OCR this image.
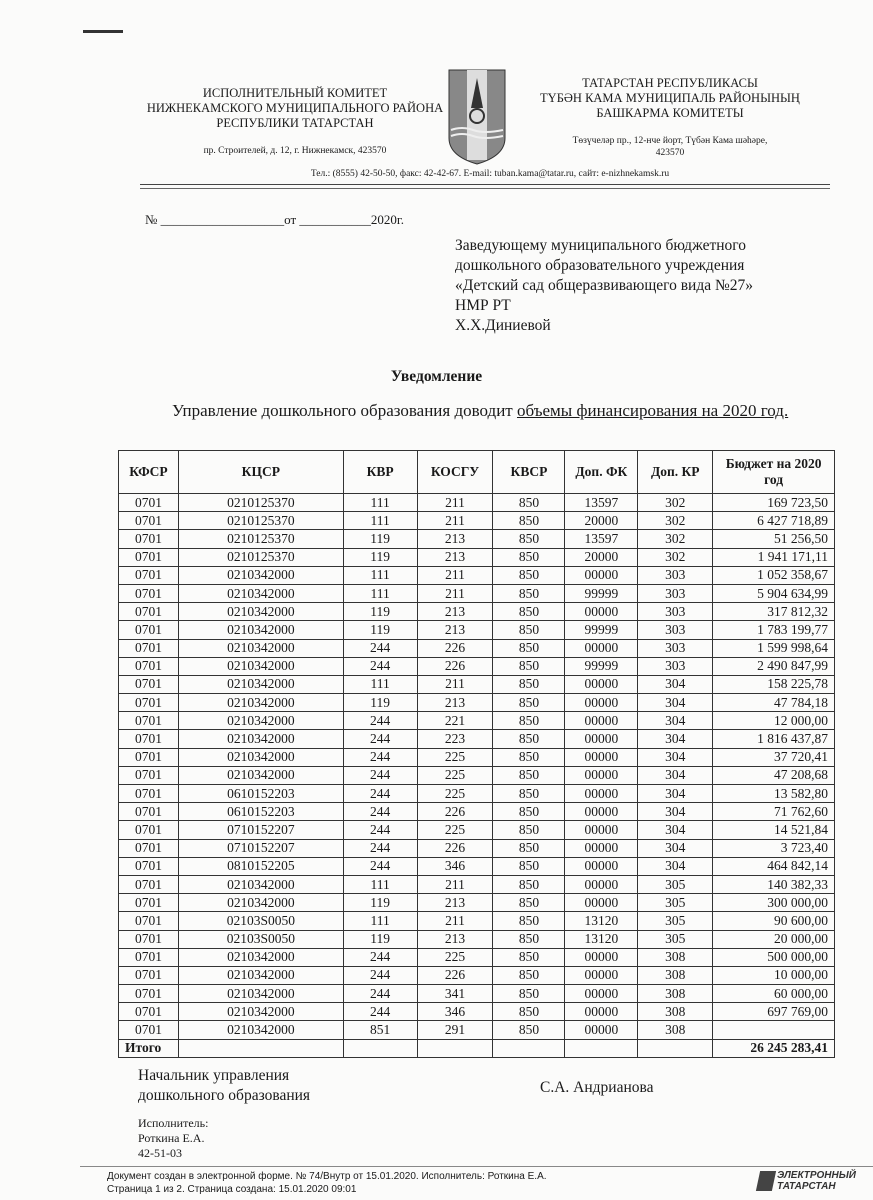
ИСПОЛНИТЕЛЬНЫЙ КОМИТЕТ
НИЖНЕКАМСКОГО МУНИЦИПАЛЬНОГО РАЙОНА
РЕСПУБЛИКИ ТАТАРСТАН
пр. Строителей, д. 12, г. Нижнекамск, 423570
ТАТАРСТАН РЕСПУБЛИКАСЫ
ТҮБӘН КАМА МУНИЦИПАЛЬ РАЙОНЫНЫҢ
БАШКАРМА КОМИТЕТЫ
Төзүчеләр пр., 12-нче йорт, Түбән Кама шәһәре,
423570
Тел.: (8555) 42-50-50, факс: 42-42-67. E-mail: tuban.kama@tatar.ru, сайт: e-nizhnekamsk.ru
№ ___________________от ___________2020г.
Заведующему муниципального бюджетного
дошкольного образовательного учреждения
«Детский сад общеразвивающего вида №27»
НМР РТ
Х.Х.Диниевой
Уведомление
Управление дошкольного образования доводит объемы финансирования на 2020 год.
КФСР	КЦСР	КВР	КОСГУ	КВСР	Доп. ФК	Доп. КР	Бюджет на 2020 год
0701	0210125370	111	211	850	13597	302	169 723,50
0701	0210125370	111	211	850	20000	302	6 427 718,89
0701	0210125370	119	213	850	13597	302	51 256,50
0701	0210125370	119	213	850	20000	302	1 941 171,11
0701	0210342000	111	211	850	00000	303	1 052 358,67
0701	0210342000	111	211	850	99999	303	5 904 634,99
0701	0210342000	119	213	850	00000	303	317 812,32
0701	0210342000	119	213	850	99999	303	1 783 199,77
0701	0210342000	244	226	850	00000	303	1 599 998,64
0701	0210342000	244	226	850	99999	303	2 490 847,99
0701	0210342000	111	211	850	00000	304	158 225,78
0701	0210342000	119	213	850	00000	304	47 784,18
0701	0210342000	244	221	850	00000	304	12 000,00
0701	0210342000	244	223	850	00000	304	1 816 437,87
0701	0210342000	244	225	850	00000	304	37 720,41
0701	0210342000	244	225	850	00000	304	47 208,68
0701	0610152203	244	225	850	00000	304	13 582,80
0701	0610152203	244	226	850	00000	304	71 762,60
0701	0710152207	244	225	850	00000	304	14 521,84
0701	0710152207	244	226	850	00000	304	3 723,40
0701	0810152205	244	346	850	00000	304	464 842,14
0701	0210342000	111	211	850	00000	305	140 382,33
0701	0210342000	119	213	850	00000	305	300 000,00
0701	02103S0050	111	211	850	13120	305	90 600,00
0701	02103S0050	119	213	850	13120	305	20 000,00
0701	0210342000	244	225	850	00000	308	500 000,00
0701	0210342000	244	226	850	00000	308	10 000,00
0701	0210342000	244	341	850	00000	308	60 000,00
0701	0210342000	244	346	850	00000	308	697 769,00
0701	0210342000	851	291	850	00000	308	
Итого							26 245 283,41
Начальник управления
дошкольного образования	С.А. Андрианова
Исполнитель:
Роткина Е.А.
42-51-03
Документ создан в электронной форме. № 74/Внутр от 15.01.2020. Исполнитель: Роткина Е.А.
Страница 1 из 2. Страница создана: 15.01.2020 09:01
ЭЛЕКТРОННЫЙ
ТАТАРСТАН
